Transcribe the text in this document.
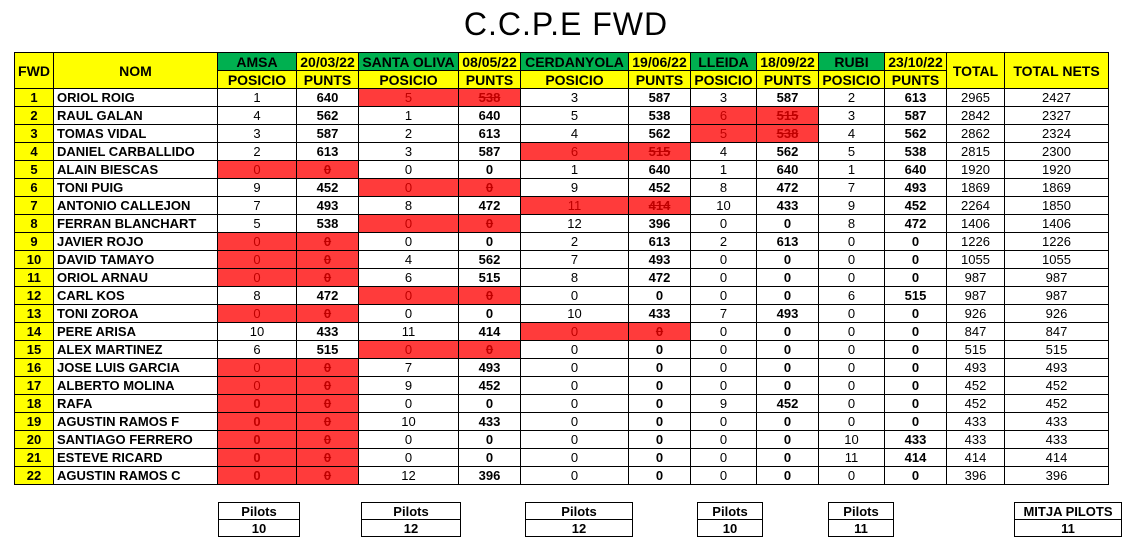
C.C.P.E FWD
FWD	NOM	AMSA	20/03/22	SANTA OLIVA	08/05/22	CERDANYOLA	19/06/22	LLEIDA	18/09/22	RUBI	23/10/22	TOTAL	TOTAL NETS
		POSICIO	PUNTS	POSICIO	PUNTS	POSICIO	PUNTS	POSICIO	PUNTS	POSICIO	PUNTS		
1	ORIOL ROIG	1	640	5	538	3	587	3	587	2	613	2965	2427
2	RAUL GALAN	4	562	1	640	5	538	6	515	3	587	2842	2327
3	TOMAS VIDAL	3	587	2	613	4	562	5	538	4	562	2862	2324
4	DANIEL CARBALLIDO	2	613	3	587	6	515	4	562	5	538	2815	2300
5	ALAIN BIESCAS	0	0	0	0	1	640	1	640	1	640	1920	1920
6	TONI PUIG	9	452	0	0	9	452	8	472	7	493	1869	1869
7	ANTONIO CALLEJON	7	493	8	472	11	414	10	433	9	452	2264	1850
8	FERRAN BLANCHART	5	538	0	0	12	396	0	0	8	472	1406	1406
9	JAVIER ROJO	0	0	0	0	2	613	2	613	0	0	1226	1226
10	DAVID TAMAYO	0	0	4	562	7	493	0	0	0	0	1055	1055
11	ORIOL ARNAU	0	0	6	515	8	472	0	0	0	0	987	987
12	CARL KOS	8	472	0	0	0	0	0	0	6	515	987	987
13	TONI ZOROA	0	0	0	0	10	433	7	493	0	0	926	926
14	PERE ARISA	10	433	11	414	0	0	0	0	0	0	847	847
15	ALEX MARTINEZ	6	515	0	0	0	0	0	0	0	0	515	515
16	JOSE LUIS GARCIA	0	0	7	493	0	0	0	0	0	0	493	493
17	ALBERTO MOLINA	0	0	9	452	0	0	0	0	0	0	452	452
18	RAFA	0	0	0	0	0	0	9	452	0	0	452	452
19	AGUSTIN RAMOS F	0	0	10	433	0	0	0	0	0	0	433	433
20	SANTIAGO FERRERO	0	0	0	0	0	0	0	0	10	433	433	433
21	ESTEVE RICARD	0	0	0	0	0	0	0	0	11	414	414	414
22	AGUSTIN RAMOS C	0	0	12	396	0	0	0	0	0	0	396	396
Pilots
10
Pilots
12
Pilots
12
Pilots
10
Pilots
11
MITJA PILOTS
11
